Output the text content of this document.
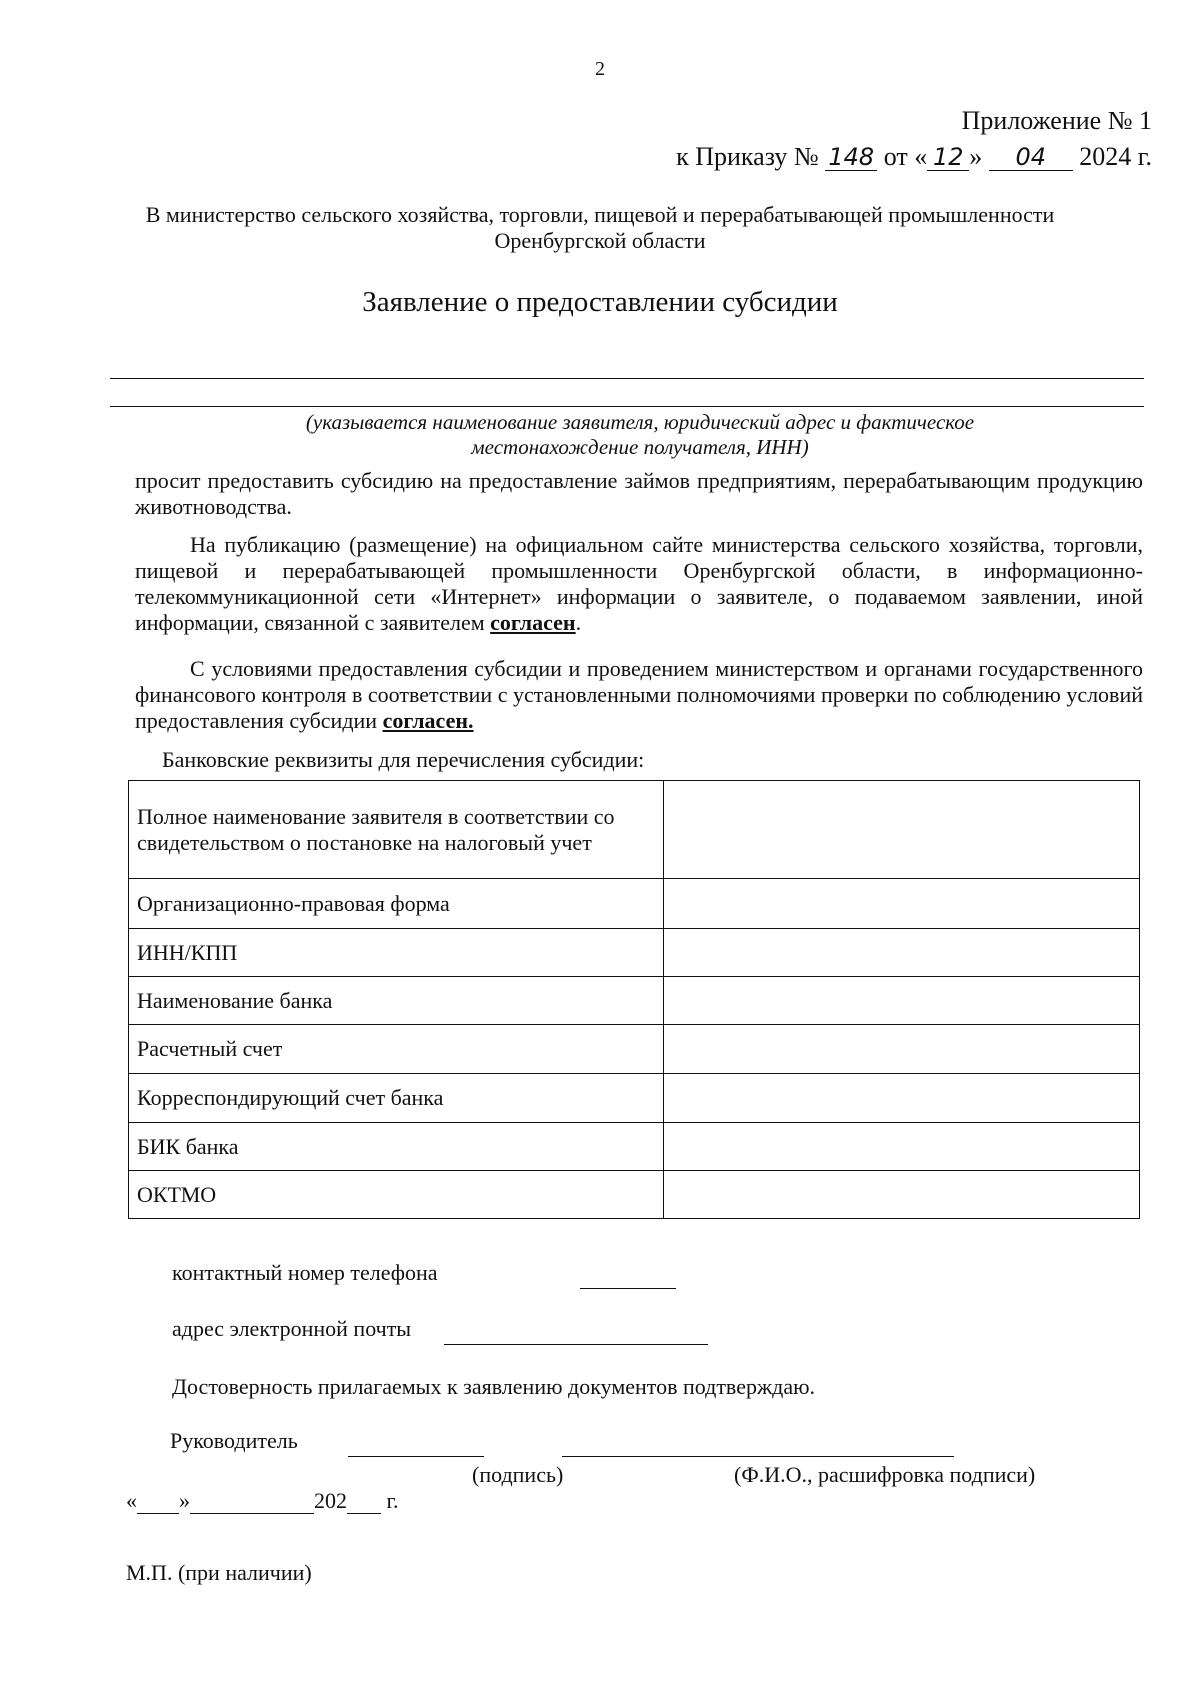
2
Приложение № 1
к Приказу № 148 от « 12 » 04 2024 г.
В министерство сельского хозяйства, торговли, пищевой и перерабатывающей промышленности
Оренбургской области
Заявление о предоставлении субсидии
(указывается наименование заявителя, юридический адрес и фактическое
местонахождение получателя, ИНН)
просит предоставить субсидию на предоставление займов предприятиям, перерабатывающим продукцию животноводства.
На публикацию (размещение) на официальном сайте министерства сельского хозяйства, торговли, пищевой и перерабатывающей промышленности Оренбургской области, в информационно-телекоммуникационной сети «Интернет» информации о заявителе, о подаваемом заявлении, иной информации, связанной с заявителем согласен.
С условиями предоставления субсидии и проведением министерством и органами государственного финансового контроля в соответствии с установленными полномочиями проверки по соблюдению условий предоставления субсидии согласен.
Банковские реквизиты для перечисления субсидии:
Полное наименование заявителя в соответствии со свидетельством о постановке на налоговый учет	
Организационно-правовая форма	
ИНН/КПП	
Наименование банка	
Расчетный счет	
Корреспондирующий счет банка	
БИК банка	
ОКТМО	
контактный номер телефона
адрес электронной почты
Достоверность прилагаемых к заявлению документов подтверждаю.
Руководитель
(подпись)	(Ф.И.О., расшифровка подписи)
« »	202 г.
М.П. (при наличии)
